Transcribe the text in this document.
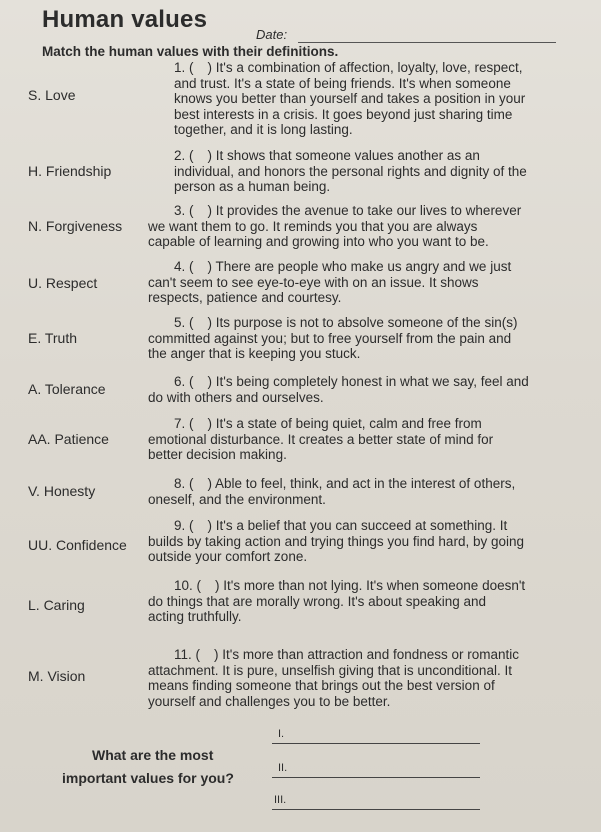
Human values
Date:
Match the human values with their definitions.
S. Love
H. Friendship
N. Forgiveness
U. Respect
E. Truth
A. Tolerance
AA. Patience
V. Honesty
UU. Confidence
L. Caring
M. Vision
1. ( ) It's a combination of affection, loyalty, love, respect,
and trust. It's a state of being friends. It's when someone
knows you better than yourself and takes a position in your
best interests in a crisis. It goes beyond just sharing time
together, and it is long lasting.
2. ( ) It shows that someone values another as an
individual, and honors the personal rights and dignity of the
person as a human being.
3. ( ) It provides the avenue to take our lives to wherever
we want them to go. It reminds you that you are always
capable of learning and growing into who you want to be.
4. ( ) There are people who make us angry and we just
can't seem to see eye-to-eye with on an issue. It shows
respects, patience and courtesy.
5. ( ) Its purpose is not to absolve someone of the sin(s)
committed against you; but to free yourself from the pain and
the anger that is keeping you stuck.
6. ( ) It's being completely honest in what we say, feel and
do with others and ourselves.
7. ( ) It's a state of being quiet, calm and free from
emotional disturbance. It creates a better state of mind for
better decision making.
8. ( ) Able to feel, think, and act in the interest of others,
oneself, and the environment.
9. ( ) It's a belief that you can succeed at something. It
builds by taking action and trying things you find hard, by going
outside your comfort zone.
10. ( ) It's more than not lying. It's when someone doesn't
do things that are morally wrong. It's about speaking and
acting truthfully.
11. ( ) It's more than attraction and fondness or romantic
attachment. It is pure, unselfish giving that is unconditional. It
means finding someone that brings out the best version of
yourself and challenges you to be better.
What are the most
important values for you?
I.
II.
III.
